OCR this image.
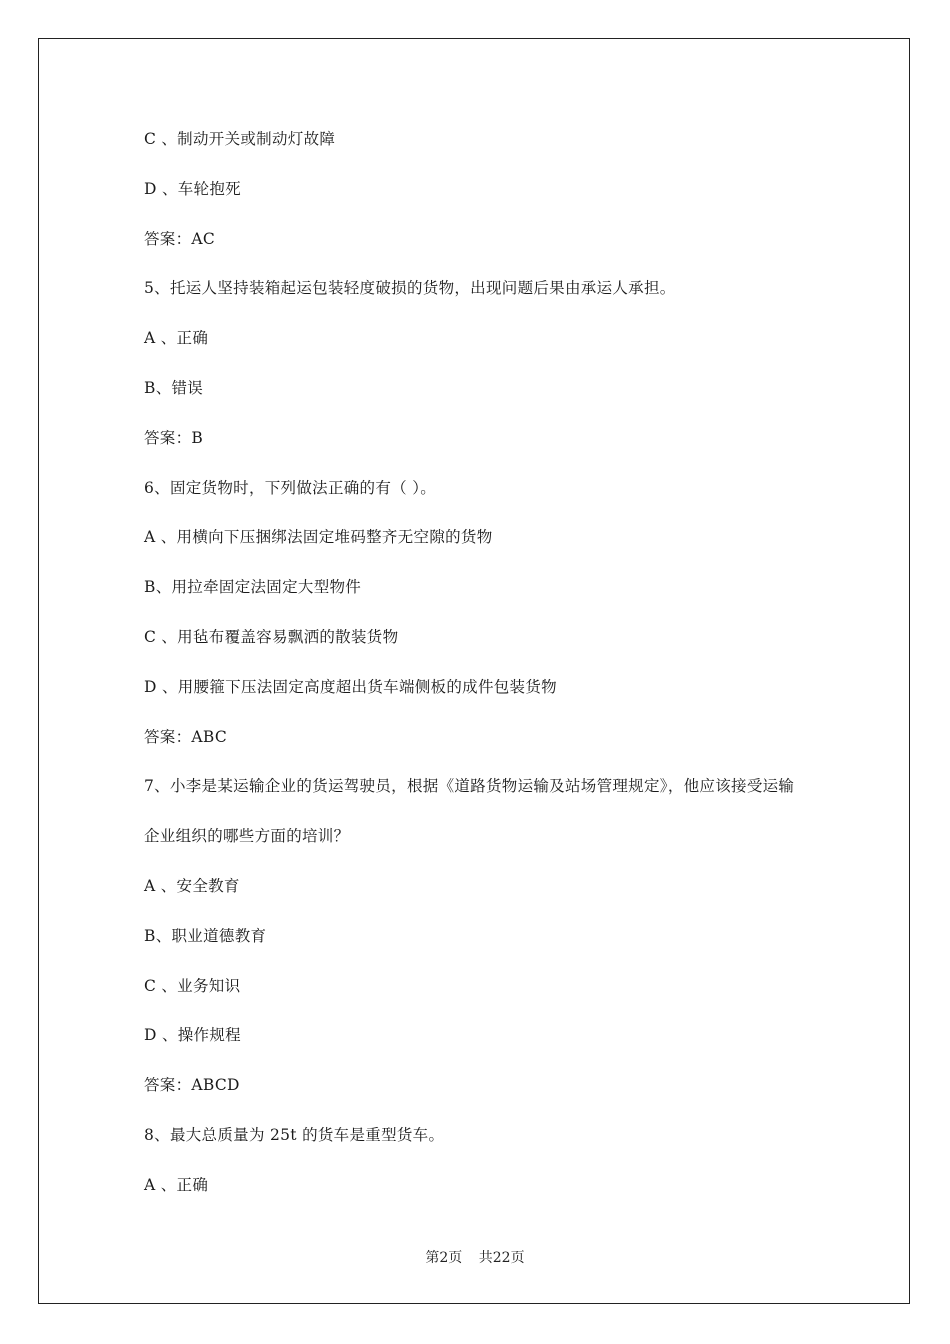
C 、制动开关或制动灯故障
D 、车轮抱死
答案：AC
5、托运人坚持装箱起运包装轻度破损的货物，出现问题后果由承运人承担。
A 、正确
B、错误
答案：B
6、固定货物时，下列做法正确的有（ ）。
A 、用横向下压捆绑法固定堆码整齐无空隙的货物
B、用拉牵固定法固定大型物件
C 、用毡布覆盖容易飘洒的散装货物
D 、用腰箍下压法固定高度超出货车端侧板的成件包装货物
答案：ABC
7、小李是某运输企业的货运驾驶员，根据《道路货物运输及站场管理规定》，他应该接受运输
企业组织的哪些方面的培训？
A 、安全教育
B、职业道德教育
C 、业务知识
D 、操作规程
答案：ABCD
8、最大总质量为 25t 的货车是重型货车。
A 、正确
第2页 共22页
